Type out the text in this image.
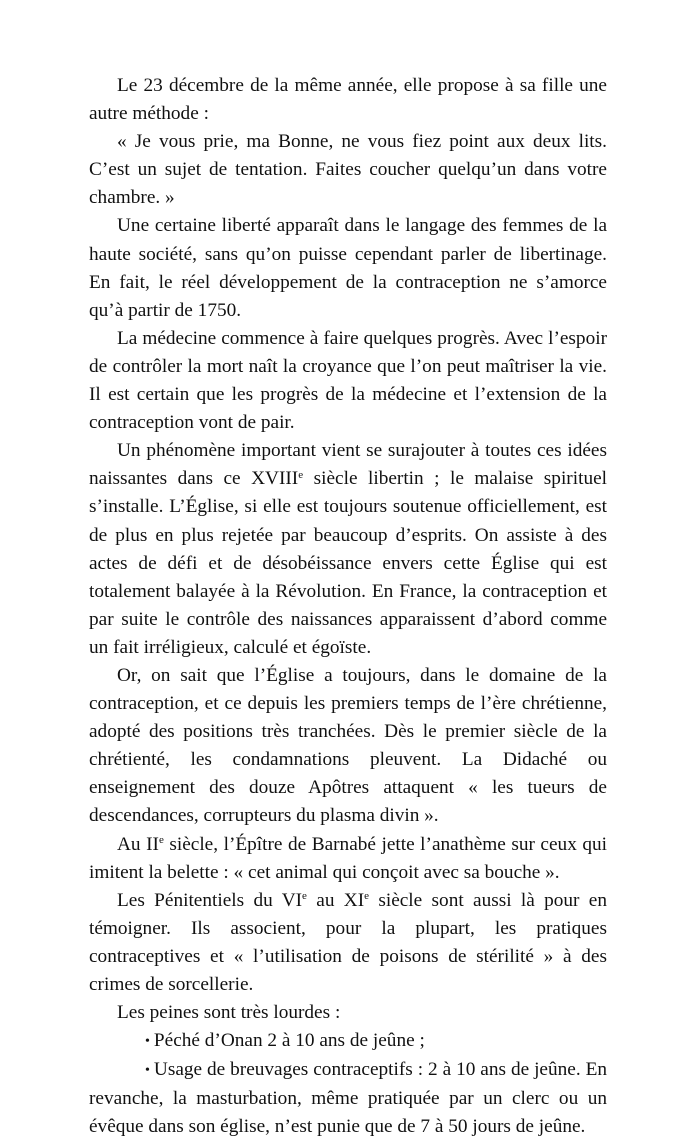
Le 23 décembre de la même année, elle propose à sa fille une autre méthode :

« Je vous prie, ma Bonne, ne vous fiez point aux deux lits. C’est un sujet de tentation. Faites coucher quelqu’un dans votre chambre. »

Une certaine liberté apparaît dans le langage des femmes de la haute société, sans qu’on puisse cependant parler de libertinage. En fait, le réel développement de la contraception ne s’amorce qu’à partir de 1750.

La médecine commence à faire quelques progrès. Avec l’espoir de contrôler la mort naît la croyance que l’on peut maîtriser la vie. Il est certain que les progrès de la médecine et l’extension de la contraception vont de pair.

Un phénomène important vient se surajouter à toutes ces idées naissantes dans ce XVIIIe siècle libertin ; le malaise spirituel s’installe. L’Église, si elle est toujours soutenue officiellement, est de plus en plus rejetée par beaucoup d’esprits. On assiste à des actes de défi et de désobéissance envers cette Église qui est totalement balayée à la Révolution. En France, la contraception et par suite le contrôle des naissances apparaissent d’abord comme un fait irréligieux, calculé et égoïste.

Or, on sait que l’Église a toujours, dans le domaine de la contraception, et ce depuis les premiers temps de l’ère chrétienne, adopté des positions très tranchées. Dès le premier siècle de la chrétienté, les condamnations pleuvent. La Didaché ou enseignement des douze Apôtres attaquent « les tueurs de descendances, corrupteurs du plasma divin ».

Au IIe siècle, l’Épître de Barnabé jette l’anathème sur ceux qui imitent la belette : « cet animal qui conçoit avec sa bouche ».

Les Pénitentiels du VIe au XIe siècle sont aussi là pour en témoigner. Ils associent, pour la plupart, les pratiques contraceptives et « l’utilisation de poisons de stérilité » à des crimes de sorcellerie.

Les peines sont très lourdes :

• Péché d’Onan 2 à 10 ans de jeûne ;

• Usage de breuvages contraceptifs : 2 à 10 ans de jeûne. En revanche, la masturbation, même pratiquée par un clerc ou un évêque dans son église, n’est punie que de 7 à 50 jours de jeûne.
